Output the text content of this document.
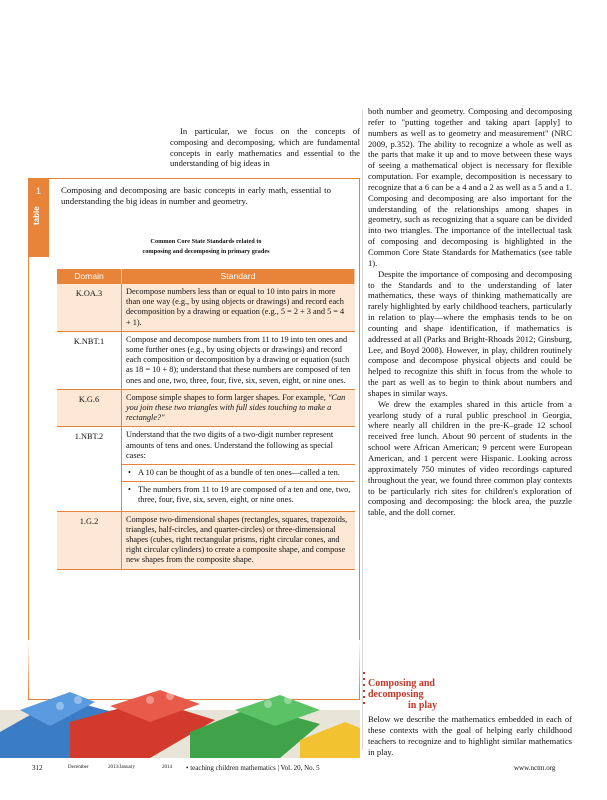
In particular, we focus on the concepts of composing and decomposing, which are fundamental concepts in early mathematics and essential to the understanding of big ideas in

both number and geometry. Composing and decomposing refer to "putting together and taking apart [apply] to numbers as well as to geometry and measurement" (NRC 2009, p.352). The ability to recognize a whole as well as the parts that make it up and to move between these ways of seeing a mathematical object is necessary for flexible computation. For example, decomposition is necessary to recognize that a 6 can be a 4 and a 2 as well as a 5 and a 1. Composing and decomposing are also important for the understanding of the relationships among shapes in geometry, such as recognizing that a square can be divided into two triangles. The importance of the intellectual task of composing and decomposing is highlighted in the Common Core State Standards for Mathematics (see table 1).

Despite the importance of composing and decomposing to the Standards and to the understanding of later mathematics, these ways of thinking mathematically are rarely highlighted by early childhood teachers, particularly in relation to play—where the emphasis tends to be on counting and shape identification, if mathematics is addressed at all (Parks and Bright-Rhoads 2012; Ginsburg, Lee, and Boyd 2008). However, in play, children routinely compose and decompose physical objects and could be helped to recognize this shift in focus from the whole to the part as well as to begin to think about numbers and shapes in similar ways.

We drew the examples shared in this article from a yearlong study of a rural public preschool in Georgia, where nearly all children in the pre-K–grade 12 school received free lunch. About 90 percent of students in the school were African American; 9 percent were European American, and 1 percent were Hispanic. Looking across approximately 750 minutes of video recordings captured throughout the year, we found three common play contexts to be particularly rich sites for children's exploration of composing and decomposing: the block area, the puzzle table, and the doll corner.

1
table
Composing and decomposing are basic concepts in early math, essential to understanding the big ideas in number and geometry.
Common Core State Standards related to
composing and decomposing in primary grades
Domain	Standard
K.OA.3	Decompose numbers less than or equal to 10 into pairs in more than one way (e.g., by using objects or drawings) and record each decomposition by a drawing or equation (e.g., 5 = 2 + 3 and 5 = 4 + 1).
K.NBT.1	Compose and decompose numbers from 11 to 19 into ten ones and some further ones (e.g., by using objects or drawings) and record each composition or decomposition by a drawing or equation (such as 18 = 10 + 8); understand that these numbers are composed of ten ones and one, two, three, four, five, six, seven, eight, or nine ones.
K.G.6	Compose simple shapes to form larger shapes. For example, "Can you join these two triangles with full sides touching to make a rectangle?"
1.NBT.2	Understand that the two digits of a two-digit number represent amounts of tens and ones. Understand the following as special cases:
• A 10 can be thought of as a bundle of ten ones—called a ten.
• The numbers from 11 to 19 are composed of a ten and one, two, three, four, five, six, seven, eight, or nine ones.

1.G.2	Compose two-dimensional shapes (rectangles, squares, trapezoids, triangles, half-circles, and quarter-circles) or three-dimensional shapes (cubes, right rectangular prisms, right circular cones, and right circular cylinders) to create a composite shape, and compose new shapes from the composite shape.
Composing and
decomposing in play
Below we describe the mathematics embedded in each of these contexts with the goal of helping early childhood teachers to recognize and to highlight similar mathematics in play.
312	December	2013/January	2014 • teaching children mathematics | Vol. 20, No. 5	www.nctm.org
